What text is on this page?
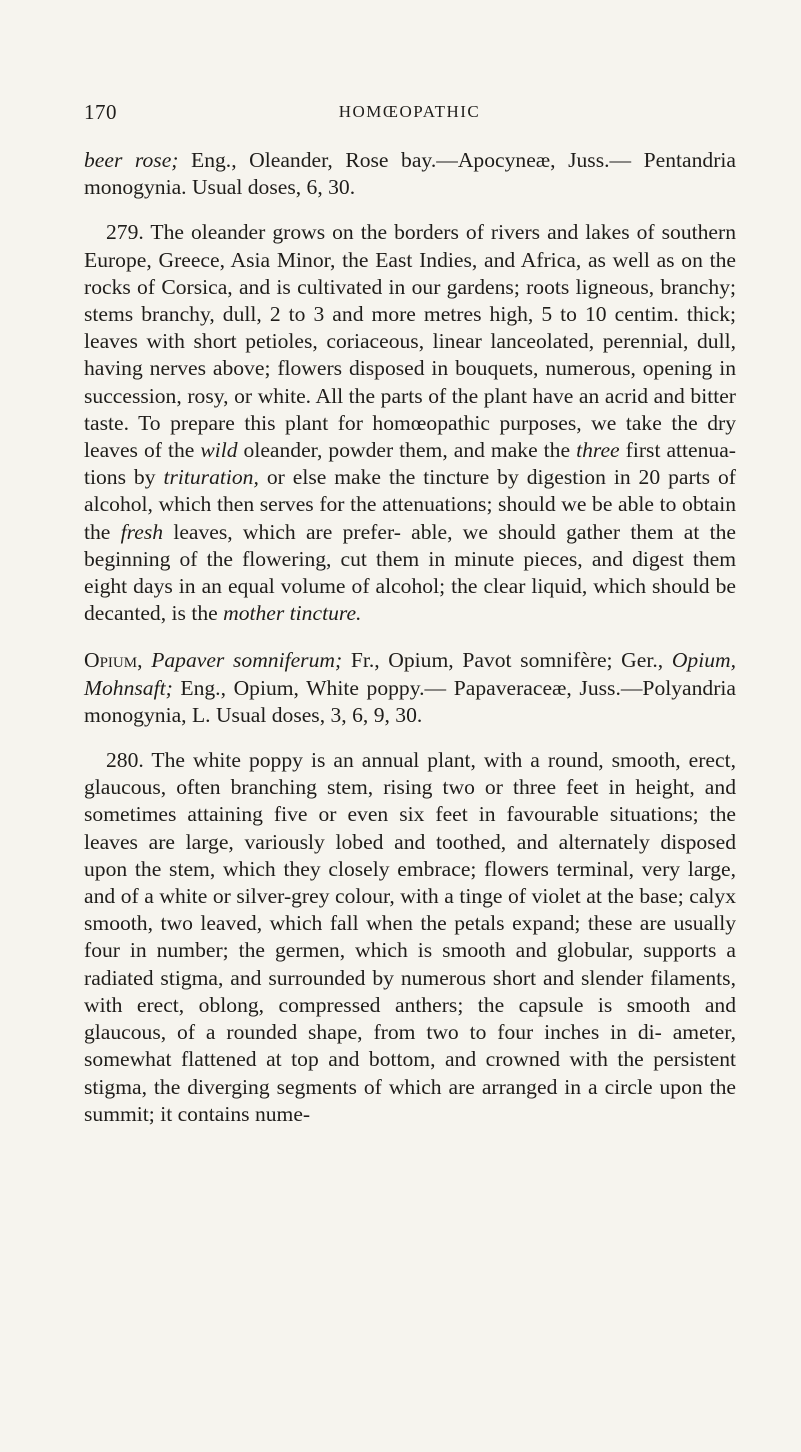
170	HOMŒOPATHIC

beer rose; Eng., Oleander, Rose bay.—Apocyneæ, Juss.— Pentandria monogynia. Usual doses, 6, 30.

279. The oleander grows on the borders of rivers and lakes of southern Europe, Greece, Asia Minor, the East Indies, and Africa, as well as on the rocks of Corsica, and is cultivated in our gardens; roots ligneous, branchy; stems branchy, dull, 2 to 3 and more metres high, 5 to 10 centim. thick; leaves with short petioles, coriaceous, linear lanceolated, perennial, dull, having nerves above; flowers disposed in bouquets, numerous, opening in succession, rosy, or white. All the parts of the plant have an acrid and bitter taste. To prepare this plant for homœopathic purposes, we take the dry leaves of the wild oleander, powder them, and make the three first attenua- tions by trituration, or else make the tincture by digestion in 20 parts of alcohol, which then serves for the attenuations; should we be able to obtain the fresh leaves, which are prefer- able, we should gather them at the beginning of the flowering, cut them in minute pieces, and digest them eight days in an equal volume of alcohol; the clear liquid, which should be decanted, is the mother tincture.

Opium, Papaver somniferum; Fr., Opium, Pavot somnifère; Ger., Opium, Mohnsaft; Eng., Opium, White poppy.— Papaveraceæ, Juss.—Polyandria monogynia, L. Usual doses, 3, 6, 9, 30.

280. The white poppy is an annual plant, with a round, smooth, erect, glaucous, often branching stem, rising two or three feet in height, and sometimes attaining five or even six feet in favourable situations; the leaves are large, variously lobed and toothed, and alternately disposed upon the stem, which they closely embrace; flowers terminal, very large, and of a white or silver-grey colour, with a tinge of violet at the base; calyx smooth, two leaved, which fall when the petals expand; these are usually four in number; the germen, which is smooth and globular, supports a radiated stigma, and surrounded by numerous short and slender filaments, with erect, oblong, compressed anthers; the capsule is smooth and glaucous, of a rounded shape, from two to four inches in di- ameter, somewhat flattened at top and bottom, and crowned with the persistent stigma, the diverging segments of which are arranged in a circle upon the summit; it contains nume-
